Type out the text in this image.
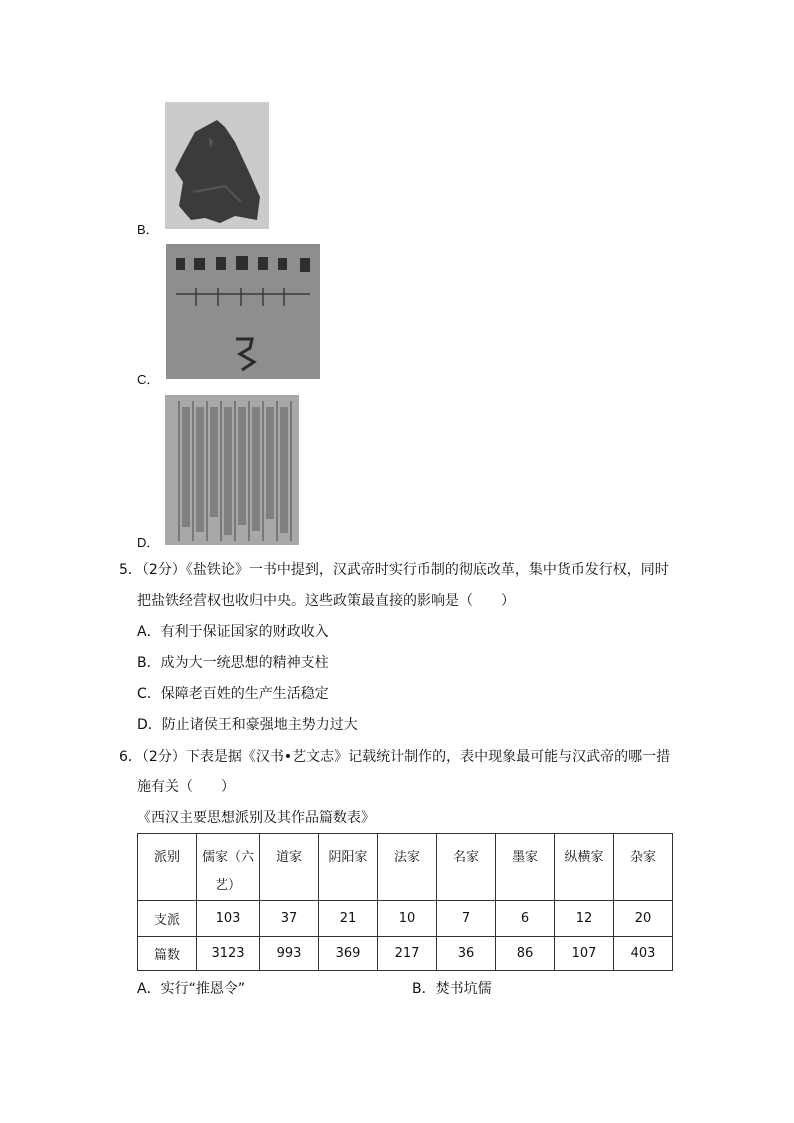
B．
C．
D．
5．（2分）《盐铁论》一书中提到，汉武帝时实行币制的彻底改革，集中货币发行权，同时
把盐铁经营权也收归中央。这些政策最直接的影响是（　　）
A．有利于保证国家的财政收入
B．成为大一统思想的精神支柱
C．保障老百姓的生产生活稳定
D．防止诸侯王和豪强地主势力过大
6．（2分）下表是据《汉书•艺文志》记载统计制作的，表中现象最可能与汉武帝的哪一措
施有关（　　）
《西汉主要思想派别及其作品篇数表》
派别	儒家（六艺）	道家	阴阳家	法家	名家	墨家	纵横家	杂家
支派	103	37	21	10	7	6	12	20
篇数	3123	993	369	217	36	86	107	403
A．实行“推恩令”	B．焚书坑儒
